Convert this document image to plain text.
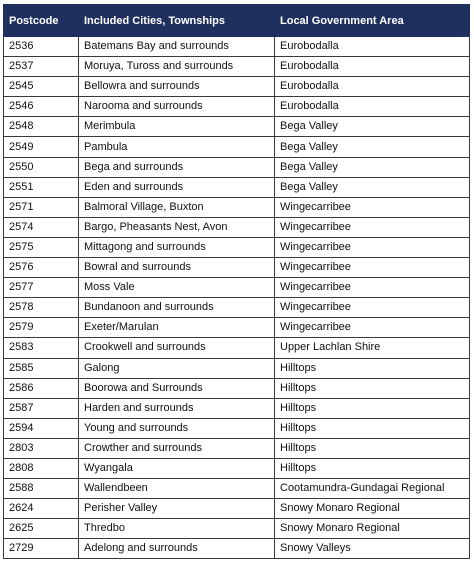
Postcode	Included Cities, Townships	Local Government Area
2536	Batemans Bay and surrounds	Eurobodalla
2537	Moruya, Tuross and surrounds	Eurobodalla
2545	Bellowra and surrounds	Eurobodalla
2546	Narooma and surrounds	Eurobodalla
2548	Merimbula	Bega Valley
2549	Pambula	Bega Valley
2550	Bega and surrounds	Bega Valley
2551	Eden and surrounds	Bega Valley
2571	Balmoral Village, Buxton	Wingecarribee
2574	Bargo, Pheasants Nest, Avon	Wingecarribee
2575	Mittagong and surrounds	Wingecarribee
2576	Bowral and surrounds	Wingecarribee
2577	Moss Vale	Wingecarribee
2578	Bundanoon and surrounds	Wingecarribee
2579	Exeter/Marulan	Wingecarribee
2583	Crookwell and surrounds	Upper Lachlan Shire
2585	Galong	Hilltops
2586	Boorowa and Surrounds	Hilltops
2587	Harden and surrounds	Hilltops
2594	Young and surrounds	Hilltops
2803	Crowther and surrounds	Hilltops
2808	Wyangala	Hilltops
2588	Wallendbeen	Cootamundra-Gundagai Regional
2624	Perisher Valley	Snowy Monaro Regional
2625	Thredbo	Snowy Monaro Regional
2729	Adelong and surrounds	Snowy Valleys
